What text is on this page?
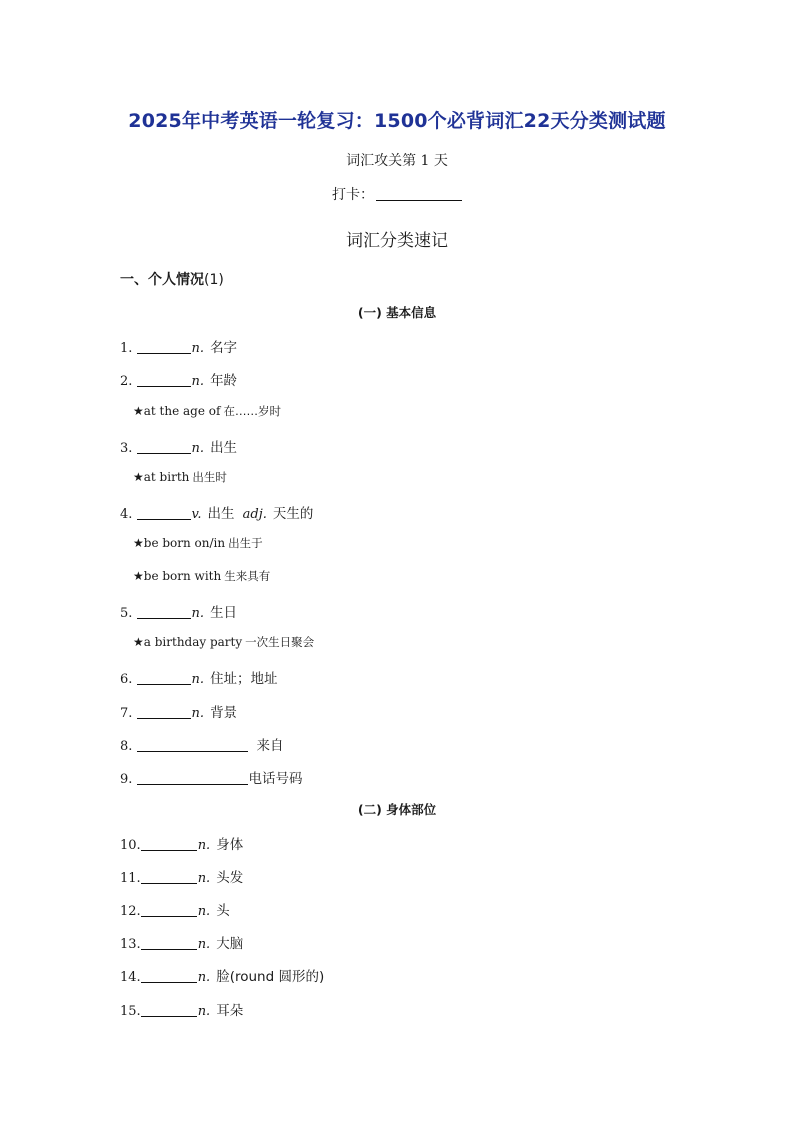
2025年中考英语一轮复习：1500个必背词汇22天分类测试题
词汇攻关第 1 天
打卡：
词汇分类速记
一、个人情况(1)
(一) 基本信息
1.	n. 名字
2.	n. 年龄
★at the age of 在……岁时
3.	n. 出生
★at birth 出生时
4.	v. 出生 adj. 天生的
★be born on/in 出生于
★be born with 生来具有
5.	n. 生日
★a birthday party 一次生日聚会
6.	n. 住址；地址
7.	n. 背景
8.	来自
9.	电话号码
(二) 身体部位
10.	n. 身体
11.	n. 头发
12.	n. 头
13.	n. 大脑
14.	n. 脸(round 圆形的)
15.	n. 耳朵
